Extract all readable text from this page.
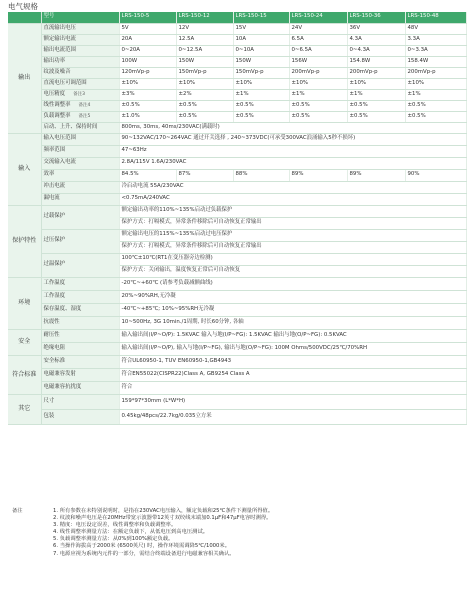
电气规格
	型号	LRS-150-5	LRS-150-12	LRS-150-15	LRS-150-24	LRS-150-36	LRS-150-48
输出	直流输出电压	5V	12V	15V	24V	36V	48V
	额定输出电流	20A	12.5A	10A	6.5A	4.3A	3.3A
	输出电流范围	0~20A	0~12.5A	0~10A	0~6.5A	0~4.3A	0~3.3A
	输出功率	100W	150W	150W	156W	154.8W	158.4W
	纹波及噪音	120mVp-p	150mVp-p	150mVp-p	200mVp-p	200mVp-p	200mVp-p
	直流电压可调范围	±10%	±10%	±10%	±10%	±10%	±10%
	电压精度 备注3	±3%	±2%	±1%	±1%	±1%	±1%
	线性调整率 备注4	±0.5%	±0.5%	±0.5%	±0.5%	±0.5%	±0.5%
	负载调整率 备注5	±1.0%	±0.5%	±0.5%	±0.5%	±0.5%	±0.5%
	启动、上升、保持时间	800ms, 30ms, 40ms/230VAC(满载时)					
输入	输入电压范围	90~132VAC/170~264VAC 通过开关选择 , 240~373VDC(可承受300VAC浪涌输入5秒不损坏)					
	频率范围	47~63Hz					
	交流输入电流	2.8A/115V 1.6A/230VAC					
	效率	84.5%	87%	88%	89%	89%	90%
	冲击电流	冷启动电流 55A/230VAC					
	漏电流	<0.75mA/240VAC					
保护特性	过载保护	额定输出功率的110%~135%启动过负载保护					
		保护方式：打嗝模式，异常条件移除后可自动恢复正常输出					
	过压保护	额定输出电压的115%~135%启动过电压保护					
		保护方式：打嗝模式，异常条件移除后可自动恢复正常输出					
	过温保护	100℃±10℃(RT1在变压器旁边检测)					
		保护方式：关闭输出，温度恢复正常后可自动恢复					
环境	工作温度	-20℃~+60℃ (请参考负载减额曲线)					
	工作湿度	20%~90%RH,无冷凝					
	保存温度、湿度	-40℃~+85℃; 10%~95%RH无冷凝					
	抗震性	10~500Hz, 3G 10min./1周期, 时长60分钟, 各轴					
安全	耐压性	输入输出间(I/P~O/P): 1.5KVAC 输入与地(I/P~FG): 1.5KVAC 输出与地(O/P~FG): 0.5KVAC					
	绝缘电阻	输入输出间(I/P~O/P), 输入与地(I/P~FG), 输出与地(O/P~FG): 100M Ohms/500VDC/25℃/70%RH					
符合标准	安全标准	符合UL60950-1, TUV EN60950-1,GB4943					
	电磁兼容发射	符合EN55022(CISPR22)Class A, GB9254 Class A					
	电磁兼容抗扰度	符合					
其它	尺寸	159*97*30mm (L*W*H)					
	包装	0.45kg/48pcs/22.7kg/0.035立方米					
备注	1. 所有参数在未特别说明时，是指在230VAC电压输入，额定负载和25℃条件下测量所得值。
2. 纹波和噪声电压是在20MHz带宽示波器带12英寸双绞线末端加0.1μF和47μF电容时测得。
3. 精度：电压设定误差，线性调整率和负载调整率。
4. 线性调整率测量方法：在额定负载下，从低电压到高电压测试。
5. 负载调整率测量方法：从0%到100%额定负载。
6. 当操作海拔高于2000米 (6500英尺) 时，操作环境需调降5℃/1000米。
7. 电源应视为系统内元件的一部分，需结合终端设备进行电磁兼容相关确认。
